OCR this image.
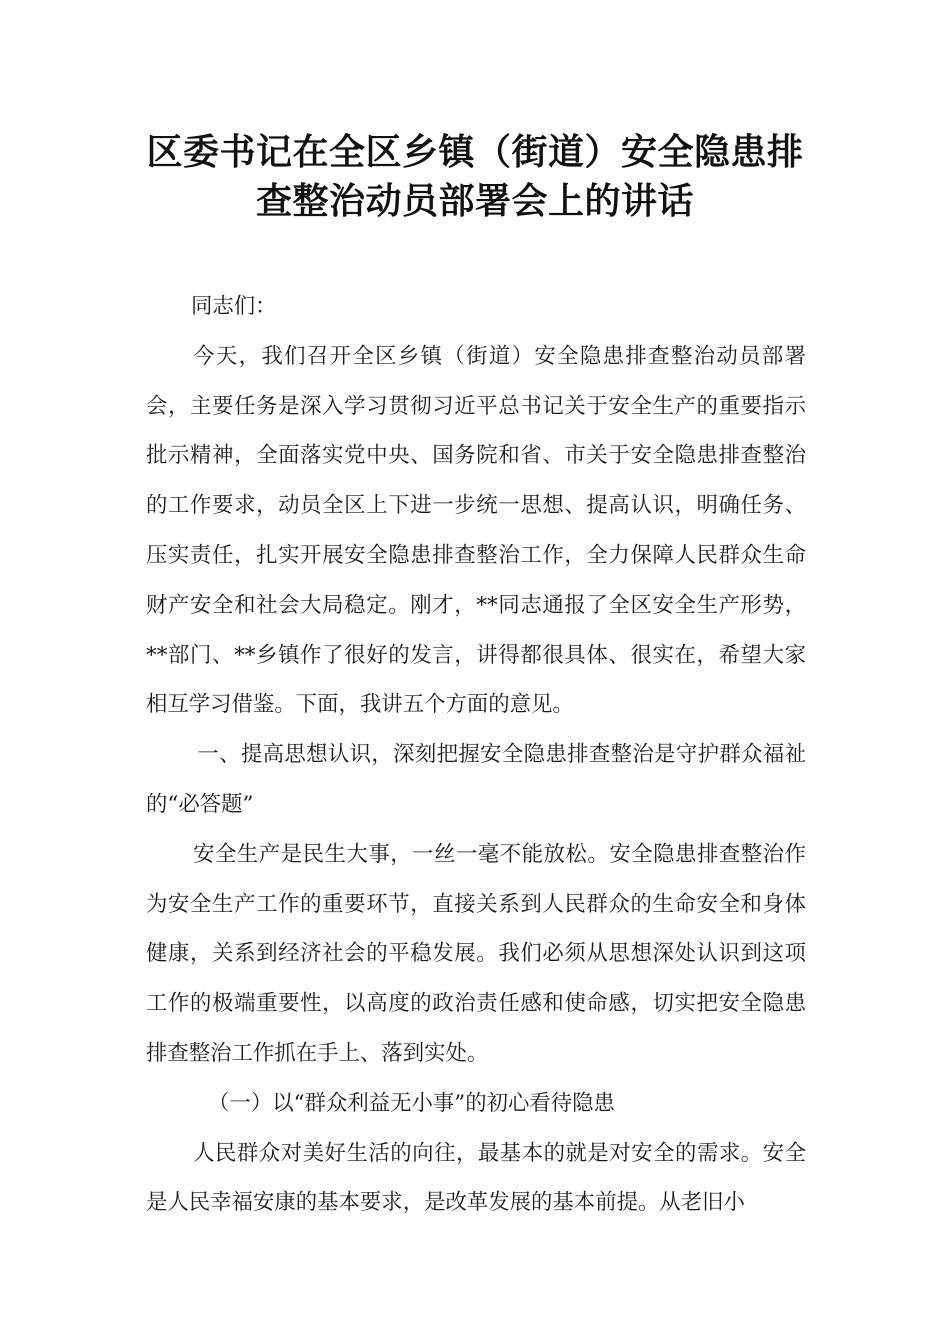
区委书记在全区乡镇（街道）安全隐患排
查整治动员部署会上的讲话

同志们：

今天，我们召开全区乡镇（街道）安全隐患排查整治动员部署会，主要任务是深入学习贯彻习近平总书记关于安全生产的重要指示批示精神，全面落实党中央、国务院和省、市关于安全隐患排查整治的工作要求，动员全区上下进一步统一思想、提高认识，明确任务、压实责任，扎实开展安全隐患排查整治工作，全力保障人民群众生命财产安全和社会大局稳定。刚才，**同志通报了全区安全生产形势，**部门、**乡镇作了很好的发言，讲得都很具体、很实在，希望大家相互学习借鉴。下面，我讲五个方面的意见。

一、提高思想认识，深刻把握安全隐患排查整治是守护群众福祉的“必答题”

安全生产是民生大事，一丝一毫不能放松。安全隐患排查整治作为安全生产工作的重要环节，直接关系到人民群众的生命安全和身体健康，关系到经济社会的平稳发展。我们必须从思想深处认识到这项工作的极端重要性，以高度的政治责任感和使命感，切实把安全隐患排查整治工作抓在手上、落到实处。

（一）以“群众利益无小事”的初心看待隐患

人民群众对美好生活的向往，最基本的就是对安全的需求。安全是人民幸福安康的基本要求，是改革发展的基本前提。从老旧小
